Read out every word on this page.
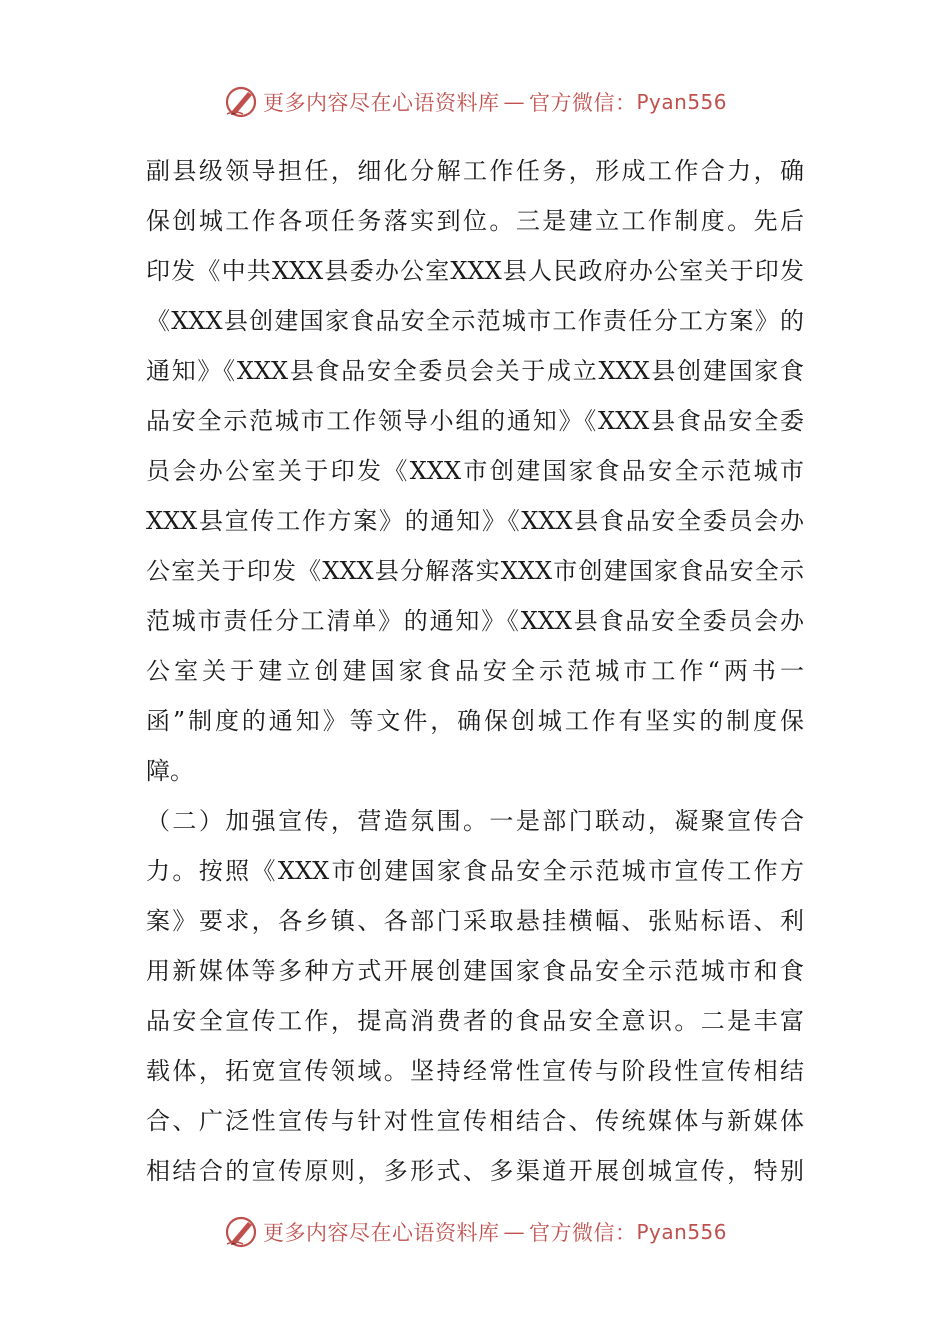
更多内容尽在心语资料库 — 官方微信： Pyan556
副县级领导担任，细化分解工作任务，形成工作合力，确
保创城工作各项任务落实到位。三是建立工作制度。先后
印发《中共XXX县委办公室XXX县人民政府办公室关于印发
《XXX县创建国家食品安全示范城市工作责任分工方案》的
通知》《XXX县食品安全委员会关于成立XXX县创建国家食
品安全示范城市工作领导小组的通知》《XXX县食品安全委
员会办公室关于印发《XXX市创建国家食品安全示范城市
XXX县宣传工作方案》的通知》《XXX县食品安全委员会办
公室关于印发《XXX县分解落实XXX市创建国家食品安全示
范城市责任分工清单》的通知》《XXX县食品安全委员会办
公室关于建立创建国家食品安全示范城市工作“两书一
函”制度的通知》等文件，确保创城工作有坚实的制度保
障。
（二）加强宣传，营造氛围。一是部门联动，凝聚宣传合
力。按照《XXX市创建国家食品安全示范城市宣传工作方
案》要求，各乡镇、各部门采取悬挂横幅、张贴标语、利
用新媒体等多种方式开展创建国家食品安全示范城市和食
品安全宣传工作，提高消费者的食品安全意识。二是丰富
载体，拓宽宣传领域。坚持经常性宣传与阶段性宣传相结
合、广泛性宣传与针对性宣传相结合、传统媒体与新媒体
相结合的宣传原则，多形式、多渠道开展创城宣传，特别
更多内容尽在心语资料库 — 官方微信： Pyan556
